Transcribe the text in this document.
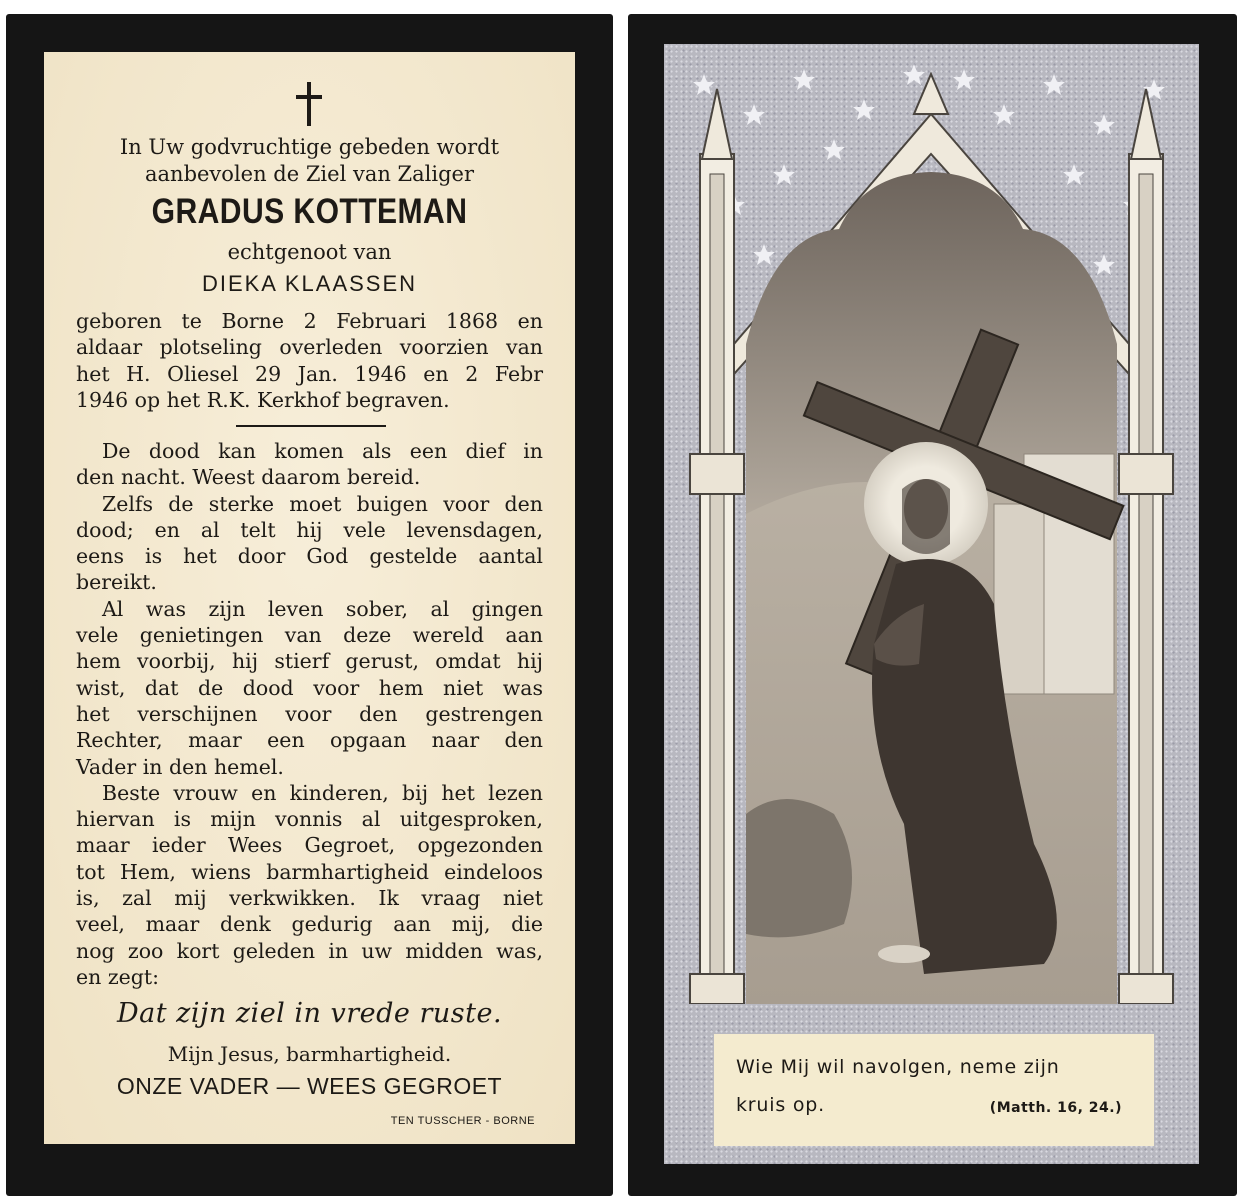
In Uw godvruchtige gebeden wordt
aanbevolen de Ziel van Zaliger
GRADUS KOTTEMAN
echtgenoot van
DIEKA KLAASSEN
geboren te Borne 2 Februari 1868 en
aldaar plotseling overleden voorzien van
het H. Oliesel 29 Jan. 1946 en 2 Febr
1946 op het R.K. Kerkhof begraven.
De dood kan komen als een dief in
den nacht. Weest daarom bereid.
Zelfs de sterke moet buigen voor den
dood; en al telt hij vele levensdagen,
eens is het door God gestelde aantal
bereikt.
Al was zijn leven sober, al gingen
vele genietingen van deze wereld aan
hem voorbij, hij stierf gerust, omdat hij
wist, dat de dood voor hem niet was
het verschijnen voor den gestrengen
Rechter, maar een opgaan naar den
Vader in den hemel.
Beste vrouw en kinderen, bij het lezen
hiervan is mijn vonnis al uitgesproken,
maar ieder Wees Gegroet, opgezonden
tot Hem, wiens barmhartigheid eindeloos
is, zal mij verkwikken. Ik vraag niet
veel, maar denk gedurig aan mij, die
nog zoo kort geleden in uw midden was,
en zegt:
Dat zijn ziel in vrede ruste.
Mijn Jesus, barmhartigheid.
ONZE VADER — WEES GEGROET
TEN TUSSCHER - BORNE
Wie Mij wil navolgen, neme zijn
kruis op.	(Matth. 16, 24.)
